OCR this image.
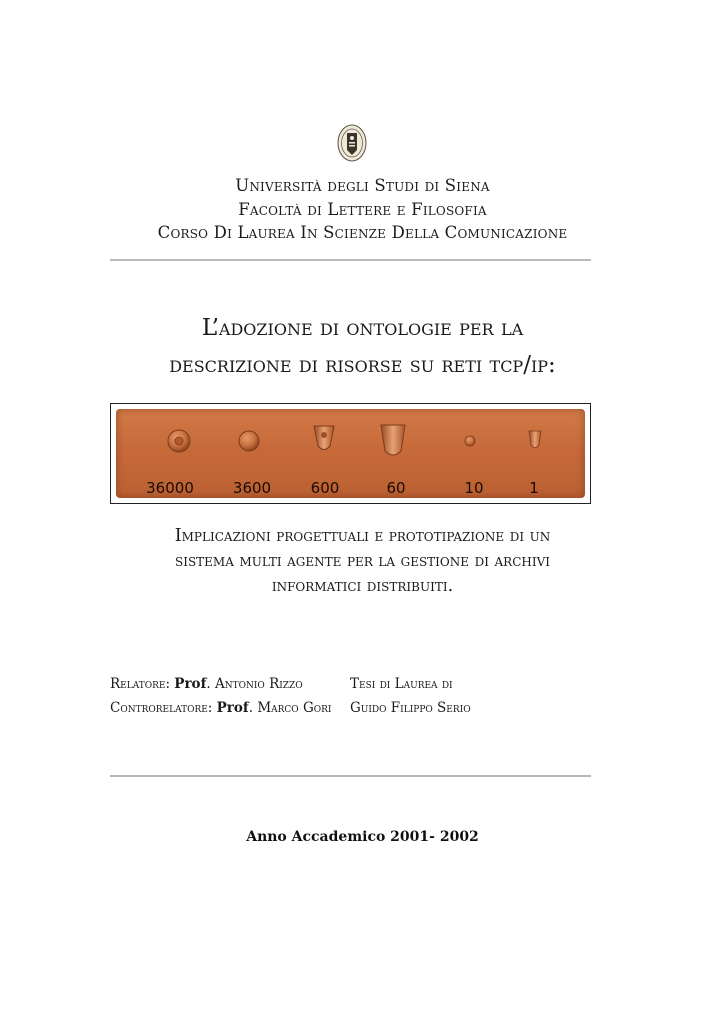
Università degli Studi di Siena
Facoltà di Lettere e Filosofia
Corso Di Laurea In Scienze Della Comunicazione
L’adozione di ontologie per la
descrizione di risorse su reti tcp/ip:
36000	3600	600	60	10	1
Implicazioni progettuali e prototipazione di un
sistema multi agente per la gestione di archivi
informatici distribuiti.
Relatore: Prof. Antonio Rizzo
Controrelatore: Prof. Marco Gori
Tesi di Laurea di
Guido Filippo Serio
Anno Accademico 2001- 2002
